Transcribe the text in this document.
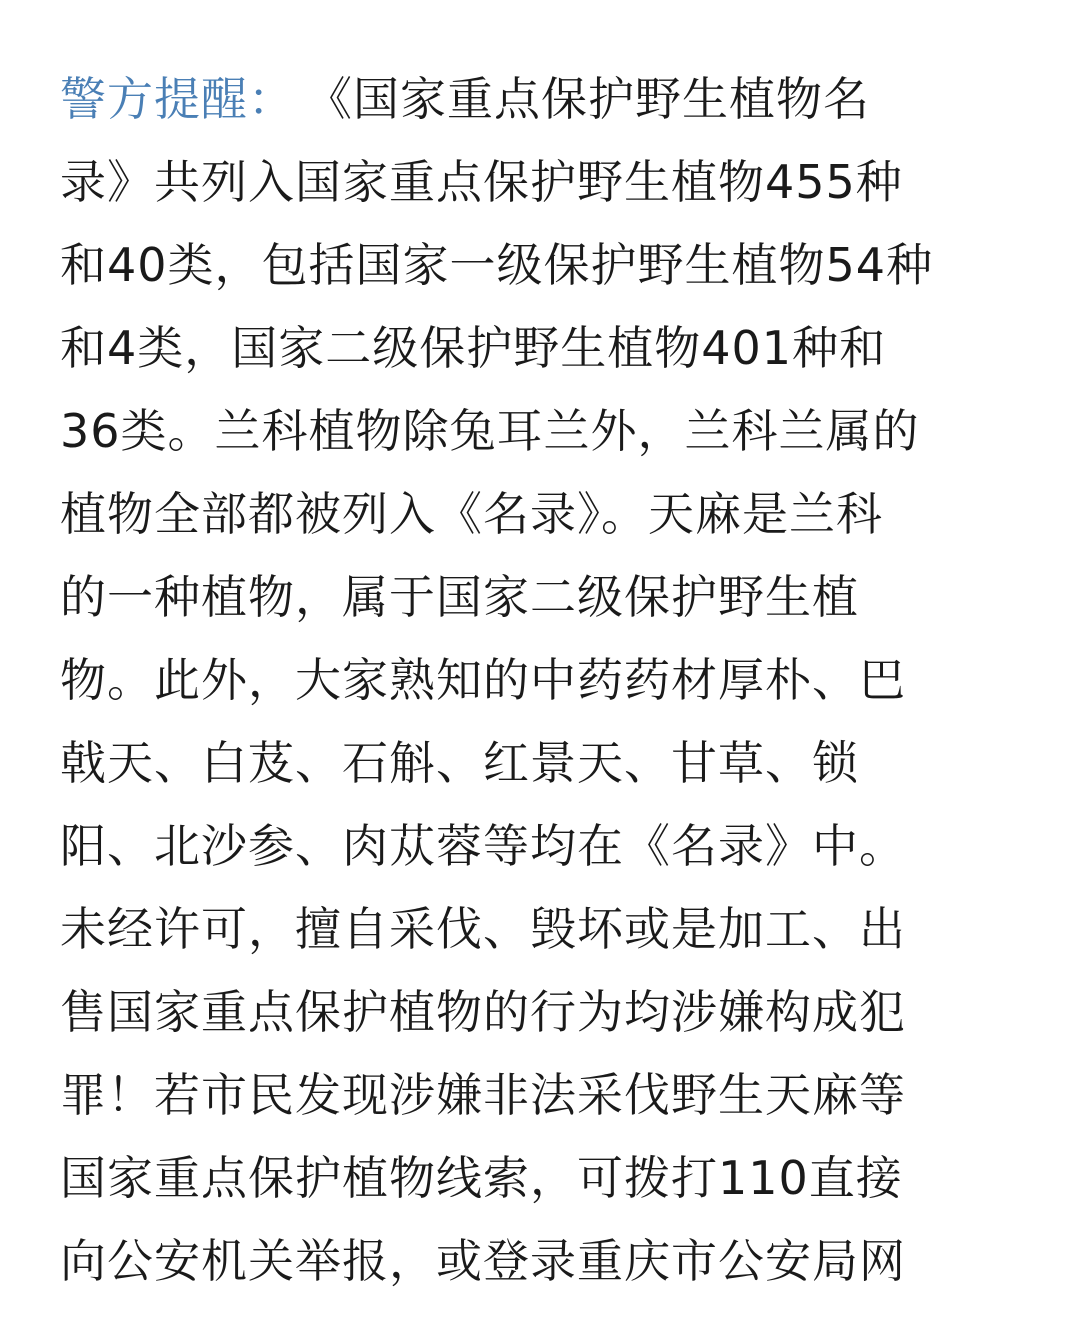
警方提醒： 《国家重点保护野生植物名
录》共列入国家重点保护野生植物455种
和40类，包括国家一级保护野生植物54种
和4类，国家二级保护野生植物401种和
36类。兰科植物除兔耳兰外，兰科兰属的
植物全部都被列入《名录》。天麻是兰科
的一种植物，属于国家二级保护野生植
物。此外，大家熟知的中药药材厚朴、巴
戟天、白芨、石斛、红景天、甘草、锁
阳、北沙参、肉苁蓉等均在《名录》中。
未经许可，擅自采伐、毁坏或是加工、出
售国家重点保护植物的行为均涉嫌构成犯
罪！若市民发现涉嫌非法采伐野生天麻等
国家重点保护植物线索，可拨打110直接
向公安机关举报，或登录重庆市公安局网
